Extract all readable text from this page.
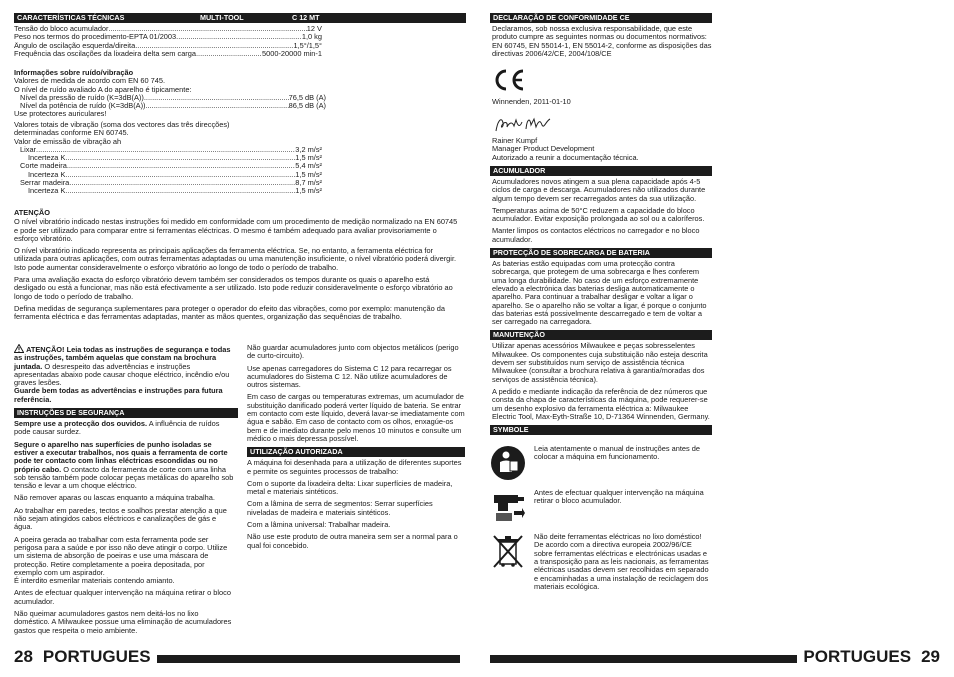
CARACTERÍSTICAS TÉCNICAS	MULTI-TOOL	C 12 MT
Tensão do bloco acumulador .....	12 V
Peso nos termos do procedimento-EPTA 01/2003 .....	1,0 kg
Ângulo de oscilação esquerda/direita .....	1,5°/1,5°
Frequência das oscilações da lixadeira delta sem carga .....	5000-20000 min-1
Informações sobre ruído/vibração
Valores de medida de acordo com EN 60 745.
O nível de ruído avaliado A do aparelho é tipicamente:
Nível da pressão de ruído (K=3dB(A)) .....	76,5 dB (A)
Nível da potência de ruído (K=3dB(A)) .....	86,5 dB (A)
Use protectores auriculares!
Valores totais de vibração (soma dos vectores das três direcções) determinadas conforme EN 60745.
Valor de emissão de vibração ah
Lixar .....	3,2 m/s²
Incerteza K .....	1,5 m/s²
Corte madeira .....	5,4 m/s²
Incerteza K .....	1,5 m/s²
Serrar madeira .....	8,7 m/s²
Incerteza K .....	1,5 m/s²
ATENÇÃO
O nível vibratório indicado nestas instruções foi medido em conformidade com um procedimento de medição normalizado na EN 60745 e pode ser utilizado para comparar entre si ferramentas eléctricas. O mesmo é também adequado para avaliar provisoriamente o esforço vibratório.
O nível vibratório indicado representa as principais aplicações da ferramenta eléctrica. Se, no entanto, a ferramenta eléctrica for utilizada para outras aplicações, com outras ferramentas adaptadas ou uma manutenção insuficiente, o nível vibratório poderá divergir. Isto pode aumentar consideravelmente o esforço vibratório ao longo de todo o período de trabalho.
Para uma avaliação exacta do esforço vibratório devem também ser considerados os tempos durante os quais o aparelho está desligado ou está a funcionar, mas não está efectivamente a ser utilizado. Isto pode reduzir consideravelmente o esforço vibratório ao longo de todo o período de trabalho.
Defina medidas de segurança suplementares para proteger o operador do efeito das vibrações, como por exemplo: manutenção da ferramenta eléctrica e das ferramentas adaptadas, manter as mãos quentes, organização das sequências de trabalho.
ATENÇÃO! Leia todas as instruções de segurança e todas as instruções, também aquelas que constam na brochura juntada. O desrespeito das advertências e instruções apresentadas abaixo pode causar choque eléctrico, incêndio e/ou graves lesões.
Guarde bem todas as advertências e instruções para futura referência.
INSTRUÇÕES DE SEGURANÇA
Sempre use a protecção dos ouvidos. A influência de ruídos pode causar surdez.
Segure o aparelho nas superfícies de punho isoladas se estiver a executar trabalhos, nos quais a ferramenta de corte pode ter contacto com linhas eléctricas escondidas ou no próprio cabo. O contacto da ferramenta de corte com uma linha sob tensão também pode colocar peças metálicas do aparelho sob tensão e levar a um choque eléctrico.
Não remover aparas ou lascas enquanto a máquina trabalha.
Ao trabalhar em paredes, tectos e soalhos prestar atenção a que não sejam atingidos cabos eléctricos e canalizações de gás e água.
A poeira gerada ao trabalhar com esta ferramenta pode ser perigosa para a saúde e por isso não deve atingir o corpo. Utilize um sistema de absorção de poeiras e use uma máscara de protecção. Retire completamente a poeira depositada, por exemplo com um aspirador.
É interdito esmerilar materiais contendo amianto.
Antes de efectuar qualquer intervenção na máquina retirar o bloco acumulador.
Não queimar acumuladores gastos nem deitá-los no lixo doméstico. A Milwaukee possue uma eliminação de acumuladores gastos que respeita o meio ambiente.
Não guardar acumuladores junto com objectos metálicos (perigo de curto-circuito).
Use apenas carregadores do Sistema C 12 para recarregar os acumuladores do Sistema C 12. Não utilize acumuladores de outros sistemas.
Em caso de cargas ou temperaturas extremas, um acumulador de substituição danificado poderá verter líquido de bateria. Se entrar em contacto com este líquido, deverá lavar-se imediatamente com água e sabão. Em caso de contacto com os olhos, enxagúe-os bem e de imediato durante pelo menos 10 minutos e consulte um médico o mais depressa possível.
UTILIZAÇÃO AUTORIZADA
A máquina foi desenhada para a utilização de diferentes suportes e permite os seguintes processos de trabalho:
Com o suporte da lixadeira delta: Lixar superfícies de madeira, metal e materiais sintéticos.
Com a lâmina de serra de segmentos: Serrar superfícies niveladas de madeira e materiais sintéticos.
Com a lâmina universal: Trabalhar madeira.
Não use este produto de outra maneira sem ser a normal para o qual foi concebido.
28 PORTUGUES
DECLARAÇÃO DE CONFORMIDADE CE
Declaramos, sob nossa exclusiva responsabilidade, que este produto cumpre as seguintes normas ou documentos normativos: EN 60745, EN 55014-1, EN 55014-2, conforme as disposições das directivas 2006/42/CE, 2004/108/CE
Winnenden, 2011-01-10
Rainer Kumpf
Manager Product Development
Autorizado a reunir a documentação técnica.
ACUMULADOR
Acumuladores novos atingem a sua plena capacidade após 4-5 ciclos de carga e descarga. Acumuladores não utilizados durante algum tempo devem ser recarregados antes da sua utilização.
Temperaturas acima de 50°C reduzem a capacidade do bloco acumulador. Evitar exposição prolongada ao sol ou a caloríferos.
Manter limpos os contactos eléctricos no carregador e no bloco acumulador.
PROTECÇÃO DE SOBRECARGA DE BATERIA
As baterias estão equipadas com uma protecção contra sobrecarga, que protegem de uma sobrecarga e lhes conferem uma longa durabilidade. No caso de um esforço extremamente elevado a electrónica das baterias desliga automaticamente o aparelho. Para continuar a trabalhar desligar e voltar a ligar o aparelho. Se o aparelho não se voltar a ligar, é porque o conjunto das baterias está possivelmente descarregado e tem de voltar a ser carregado na carregadora.
MANUTENÇÃO
Utilizar apenas acessórios Milwaukee e peças sobresselentes Milwaukee. Os componentes cuja substituição não esteja descrita devem ser substituídos num serviço de assistência técnica Milwaukee (consultar a brochura relativa à garantia/moradas dos serviços de assistência técnica).
A pedido e mediante indicação da referência de dez números que consta da chapa de características da máquina, pode requerer-se um desenho explosivo da ferramenta eléctrica a: Milwaukee Electric Tool, Max-Eyth-Straße 10, D-71364 Winnenden, Germany.
SYMBOLE
Leia atentamente o manual de instruções antes de colocar a máquina em funcionamento.
Antes de efectuar qualquer intervenção na máquina retirar o bloco acumulador.
Não deite ferramentas eléctricas no lixo doméstico! De acordo com a directiva europeia 2002/96/CE sobre ferramentas eléctricas e electrónicas usadas e a transposição para as leis nacionais, as ferramentas eléctricas usadas devem ser recolhidas em separado e encaminhadas a uma instalação de reciclagem dos materiais ecológica.
PORTUGUES 29
